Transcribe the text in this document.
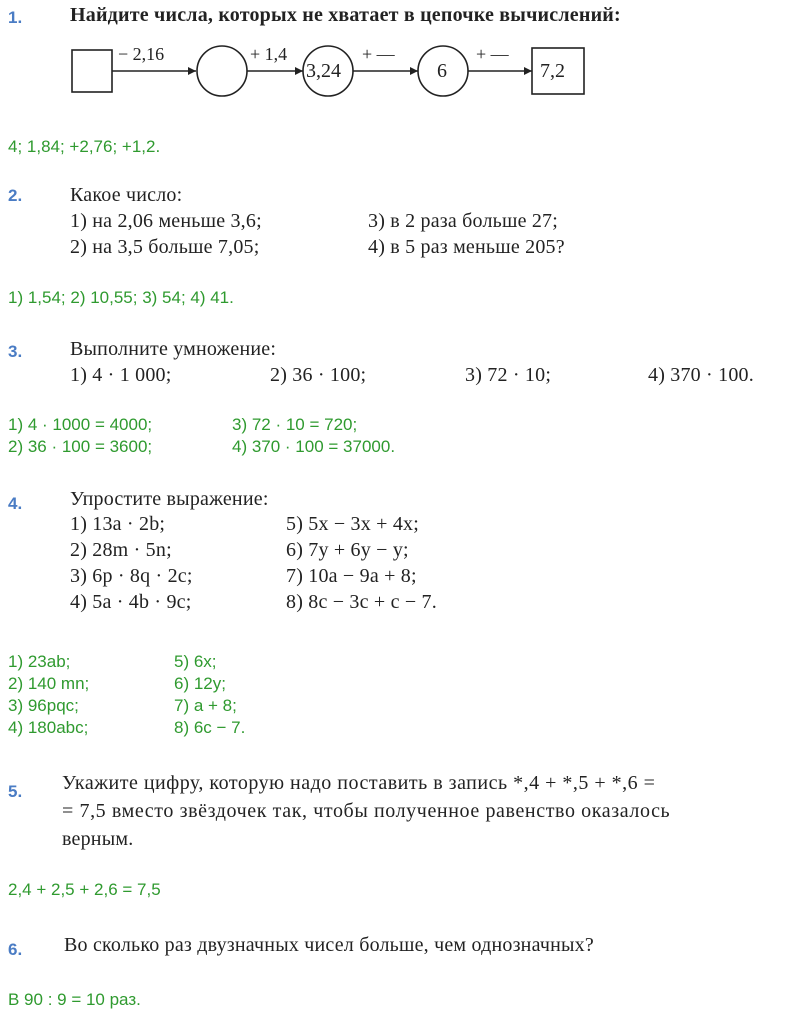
1. Найдите числа, которых не хватает в цепочке вычислений:
− 2,16	+ 1,4
3,24
+ —
6
+ —
7,2
4; 1,84; +2,76; +1,2.
2. Какое число:
1) на 2,06 меньше 3,6;	3) в 2 раза больше 27;
2) на 3,5 больше 7,05;	4) в 5 раз меньше 205?
1) 1,54; 2) 10,55; 3) 54; 4) 41.
3. Выполните умножение:
1) 4 · 1 000;	2) 36 · 100;	3) 72 · 10;	4) 370 · 100.
1) 4 · 1000 = 4000;	3) 72 · 10 = 720;
2) 36 · 100 = 3600;	4) 370 · 100 = 37000.
4. Упростите выражение:
1) 13a · 2b;	5) 5x − 3x + 4x;
2) 28m · 5n;	6) 7y + 6y − y;
3) 6p · 8q · 2c;	7) 10a − 9a + 8;
4) 5a · 4b · 9c;	8) 8c − 3c + c − 7.
1) 23ab;	5) 6x;
2) 140 mn;	6) 12y;
3) 96pqc;	7) a + 8;
4) 180abc;	8) 6c − 7.
5. Укажите цифру, которую надо поставить в запись *,4 + *,5 + *,6 =
= 7,5 вместо звёздочек так, чтобы полученное равенство оказалось
верным.
2,4 + 2,5 + 2,6 = 7,5
6. Во сколько раз двузначных чисел больше, чем однозначных?
В 90 : 9 = 10 раз.
